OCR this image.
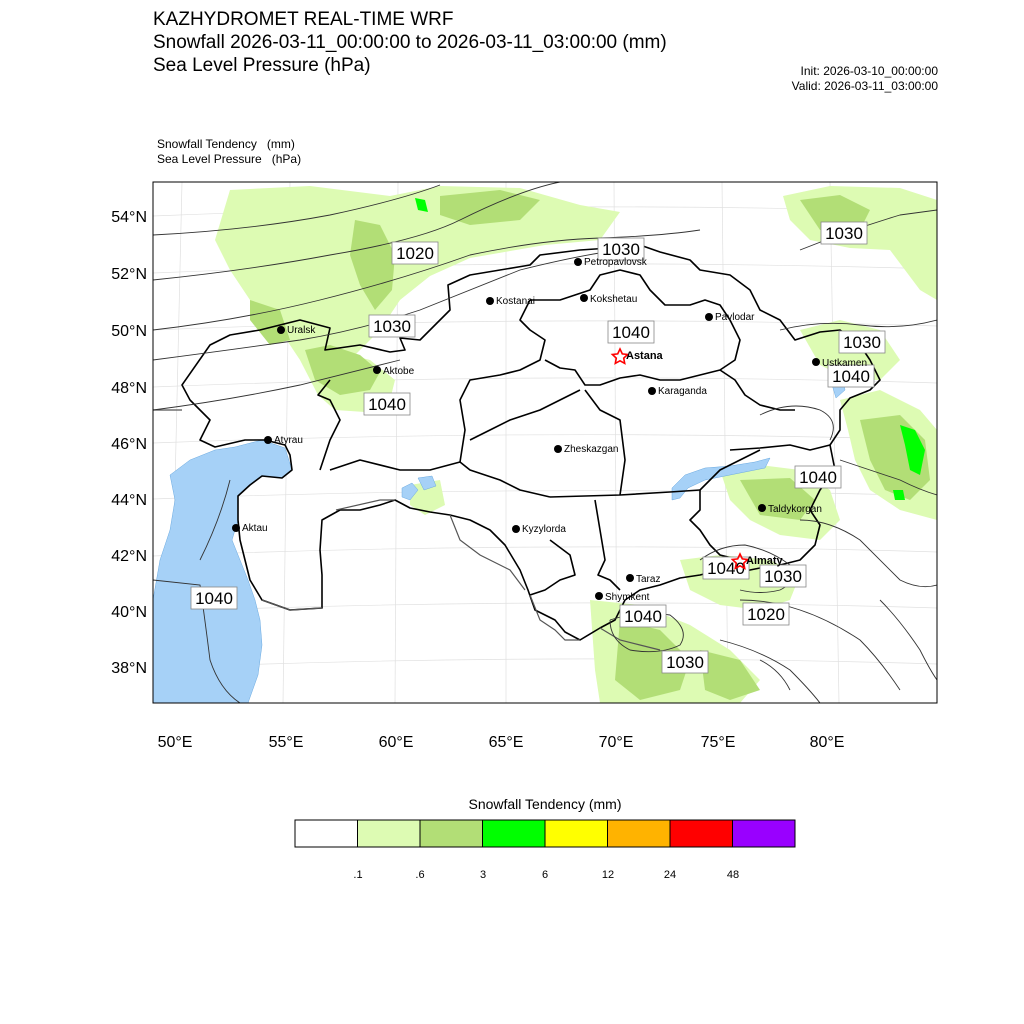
KAZHYDROMET REAL-TIME WRF
Snowfall 2026-03-11_00:00:00 to 2026-03-11_03:00:00 (mm)
Sea Level Pressure (hPa)	Init: 2026-03-10_00:00:00
Valid: 2026-03-11_03:00:00
Snowfall Tendency   (mm)
Sea Level Pressure   (hPa)
1020	1030
1030
1030
1040
1040
1030
1040
1040
1040
1040 1030
1040	1020
1030
Petropavlovsk
Kostanai	Kokshetau
Uralsk
Pavlodar
Astana
Aktobe
Ustkamen
Karaganda
Atyrau
Zheskazgan
Taldykorgan
Aktau	Kyzylorda
Almaty
Taraz
Shymkent
54°N
52°N
50°N
48°N
46°N
44°N
42°N
40°N
38°N
50°E	55°E	60°E	65°E	70°E	75°E	80°E
.1	.6	3	6	12	24	48
Snowfall Tendency (mm)
